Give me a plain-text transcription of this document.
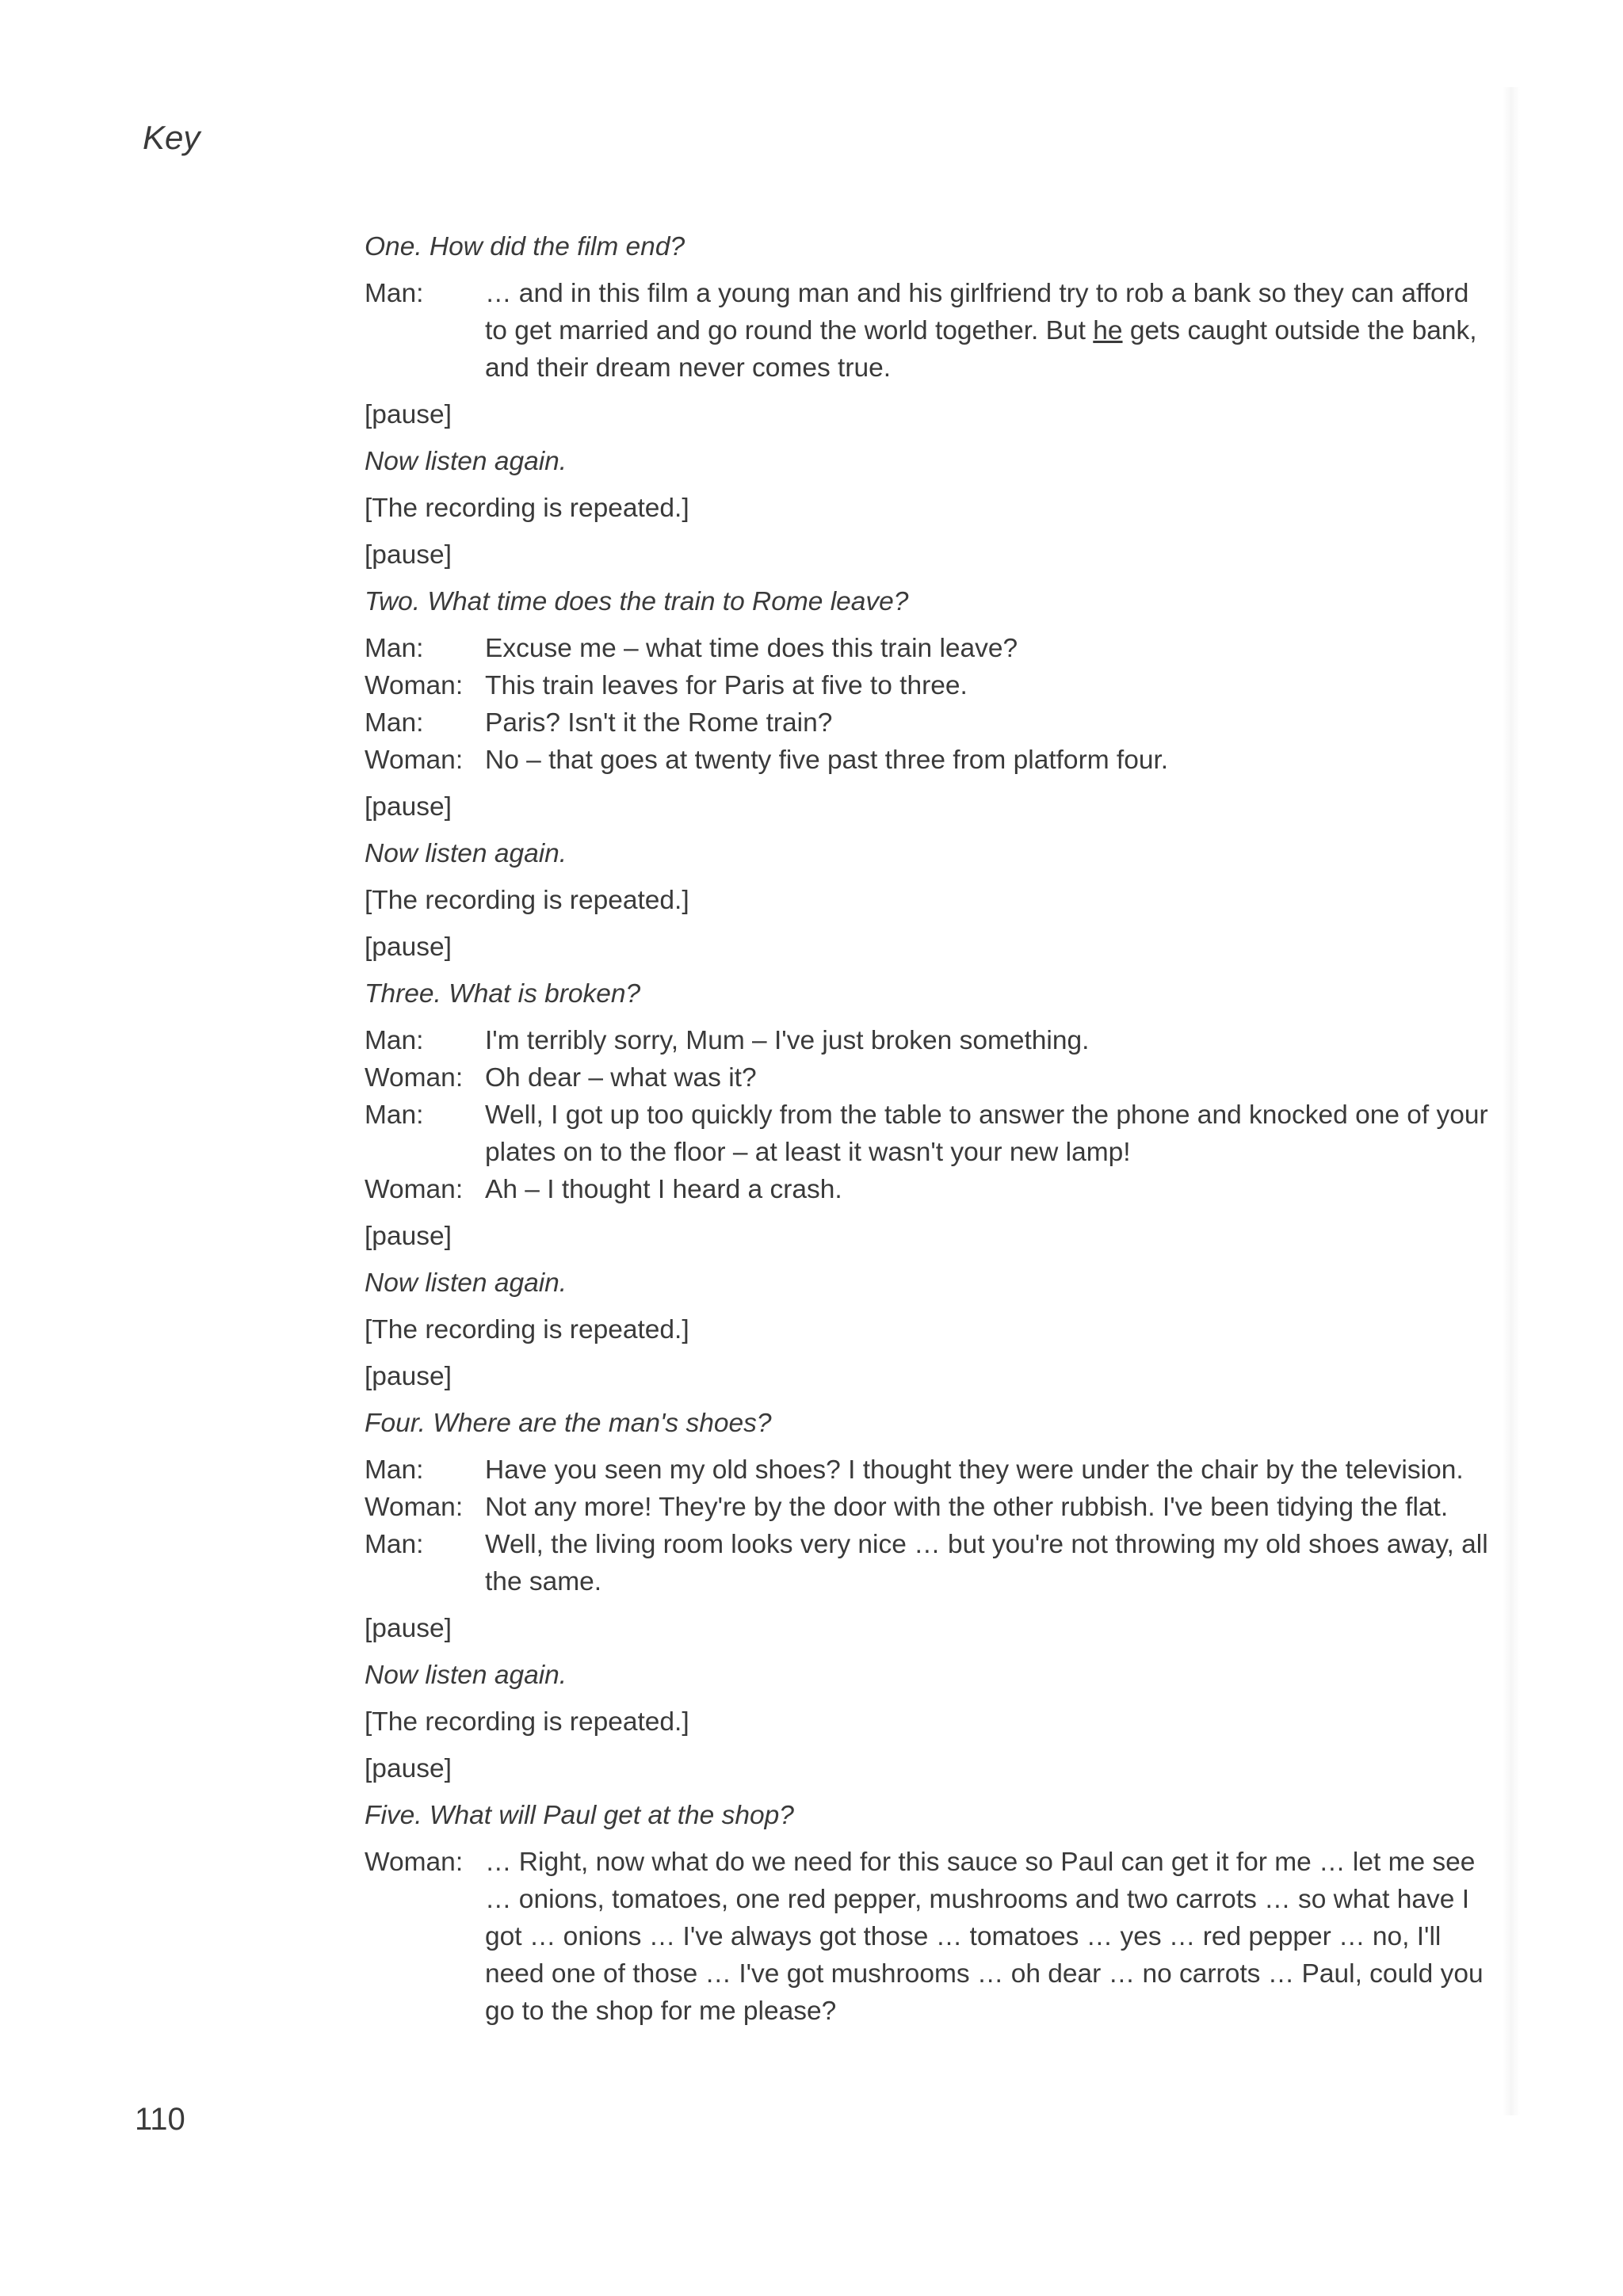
Key
One. How did the film end?
Man:	… and in this film a young man and his girlfriend try to rob a bank so they can afford to get married and go round the world together. But he gets caught outside the bank, and their dream never comes true.
[pause]
Now listen again.
[The recording is repeated.]
[pause]
Two. What time does the train to Rome leave?
Man:	Excuse me – what time does this train leave?
Woman: This train leaves for Paris at five to three.
Man:	Paris? Isn't it the Rome train?
Woman: No – that goes at twenty five past three from platform four.
[pause]
Now listen again.
[The recording is repeated.]
[pause]
Three. What is broken?
Man:	I'm terribly sorry, Mum – I've just broken something.
Woman: Oh dear – what was it?
Man:	Well, I got up too quickly from the table to answer the phone and knocked one of your plates on to the floor – at least it wasn't your new lamp!
Woman: Ah – I thought I heard a crash.
[pause]
Now listen again.
[The recording is repeated.]
[pause]
Four. Where are the man's shoes?
Man:	Have you seen my old shoes? I thought they were under the chair by the television.
Woman: Not any more! They're by the door with the other rubbish. I've been tidying the flat.
Man:	Well, the living room looks very nice … but you're not throwing my old shoes away, all the same.
[pause]
Now listen again.
[The recording is repeated.]
[pause]
Five. What will Paul get at the shop?
Woman: … Right, now what do we need for this sauce so Paul can get it for me … let me see … onions, tomatoes, one red pepper, mushrooms and two carrots … so what have I got … onions … I've always got those … tomatoes … yes … red pepper … no, I'll need one of those … I've got mushrooms … oh dear … no carrots … Paul, could you go to the shop for me please?
110
